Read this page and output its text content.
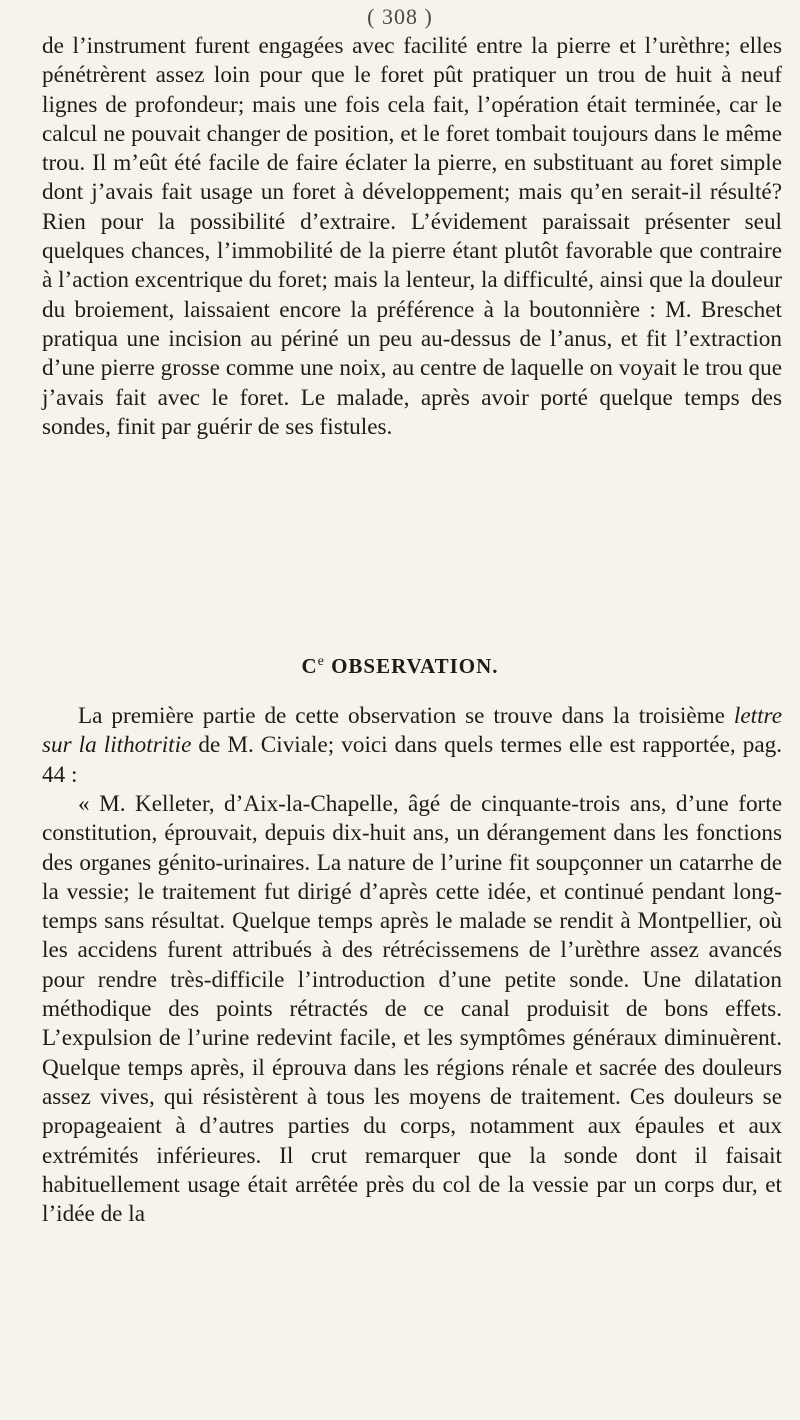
( 308 )

de l’instrument furent engagées avec facilité entre la pierre et l’urèthre; elles pénétrèrent assez loin pour que le foret pût pratiquer un trou de huit à neuf lignes de profondeur; mais une fois cela fait, l’opération était terminée, car le calcul ne pouvait changer de position, et le foret tombait toujours dans le même trou. Il m’eût été facile de faire éclater la pierre, en substituant au foret simple dont j’avais fait usage un foret à développement; mais qu’en serait-il résulté? Rien pour la possibilité d’extraire. L’évidement paraissait présenter seul quelques chances, l’immobilité de la pierre étant plutôt favorable que contraire à l’action excentrique du foret; mais la lenteur, la difficulté, ainsi que la douleur du broiement, laissaient encore la préférence à la boutonnière : M. Breschet pratiqua une incision au périné un peu au-dessus de l’anus, et fit l’extraction d’une pierre grosse comme une noix, au centre de laquelle on voyait le trou que j’avais fait avec le foret. Le malade, après avoir porté quelque temps des sondes, finit par guérir de ses fistules.

Ce OBSERVATION.

La première partie de cette observation se trouve dans la troisième lettre sur la lithotritie de M. Civiale; voici dans quels termes elle est rapportée, pag. 44 :

« M. Kelleter, d’Aix-la-Chapelle, âgé de cinquante-trois ans, d’une forte constitution, éprouvait, depuis dix-huit ans, un dérangement dans les fonctions des organes génito-urinaires. La nature de l’urine fit soupçonner un catarrhe de la vessie; le traitement fut dirigé d’après cette idée, et continué pendant long-temps sans résultat. Quelque temps après le malade se rendit à Montpellier, où les accidens furent attribués à des rétrécissemens de l’urèthre assez avancés pour rendre très-difficile l’introduction d’une petite sonde. Une dilatation méthodique des points rétractés de ce canal produisit de bons effets. L’expulsion de l’urine redevint facile, et les symptômes généraux diminuèrent. Quelque temps après, il éprouva dans les régions rénale et sacrée des douleurs assez vives, qui résistèrent à tous les moyens de traitement. Ces douleurs se propageaient à d’autres parties du corps, notamment aux épaules et aux extrémités inférieures. Il crut remarquer que la sonde dont il faisait habituellement usage était arrêtée près du col de la vessie par un corps dur, et l’idée de la
